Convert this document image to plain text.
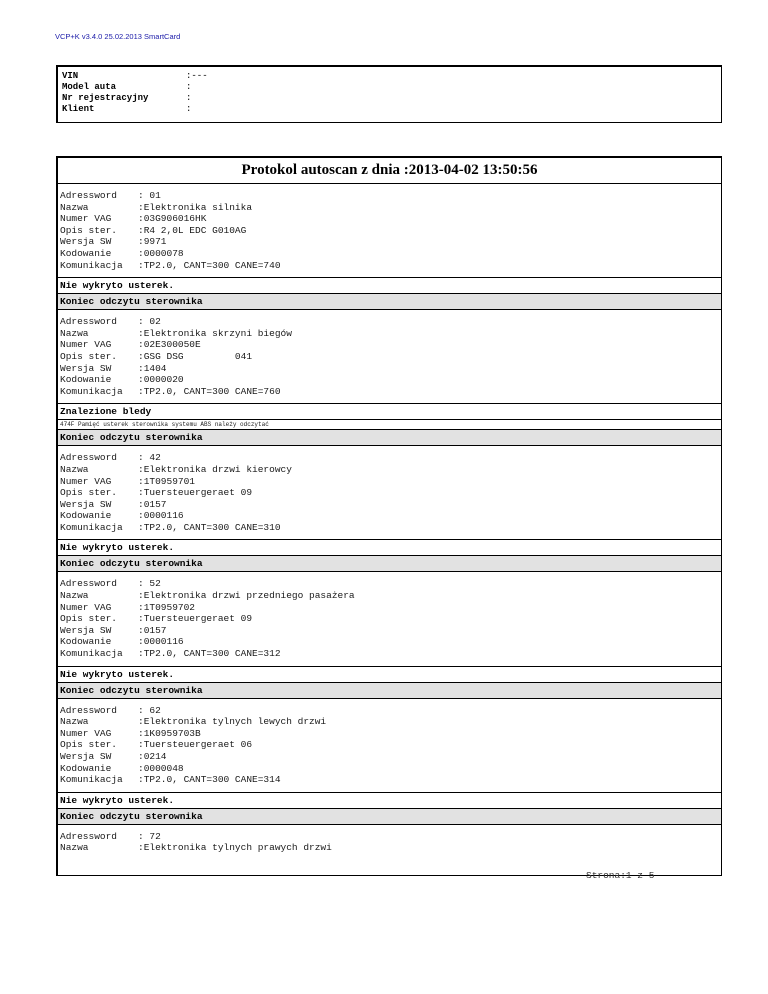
VCP+K v3.4.0 25.02.2013 SmartCard
VIN	:---
Model auta	:
Nr rejestracyjny	:
Klient	:
Protokol autoscan z dnia :2013-04-02 13:50:56
Adressword : 01
Nazwa	:Elektronika silnika
Numer VAG	:03G906016HK
Opis ster. :R4 2,0L EDC G010AG
Wersja SW	:9971
Kodowanie	:0000078
Komunikacja :TP2.0, CANT=300 CANE=740
Nie wykryto usterek.
Koniec odczytu sterownika
Adressword : 02
Nazwa	:Elektronika skrzyni biegów
Numer VAG	:02E300050E
Opis ster. :GSG DSG         041
Wersja SW	:1404
Kodowanie	:0000020
Komunikacja :TP2.0, CANT=300 CANE=760
Znalezione bledy
474F Pamięć usterek sterownika systemu ABS należy odczytać
Koniec odczytu sterownika
Adressword : 42
Nazwa	:Elektronika drzwi kierowcy
Numer VAG	:1T0959701
Opis ster. :Tuersteuergeraet 09
Wersja SW	:0157
Kodowanie	:0000116
Komunikacja :TP2.0, CANT=300 CANE=310
Nie wykryto usterek.
Koniec odczytu sterownika
Adressword : 52
Nazwa	:Elektronika drzwi przedniego pasażera
Numer VAG	:1T0959702
Opis ster. :Tuersteuergeraet 09
Wersja SW	:0157
Kodowanie	:0000116
Komunikacja :TP2.0, CANT=300 CANE=312
Nie wykryto usterek.
Koniec odczytu sterownika
Adressword : 62
Nazwa	:Elektronika tylnych lewych drzwi
Numer VAG	:1K0959703B
Opis ster. :Tuersteuergeraet 06
Wersja SW	:0214
Kodowanie	:0000048
Komunikacja :TP2.0, CANT=300 CANE=314
Nie wykryto usterek.
Koniec odczytu sterownika
Adressword : 72
Nazwa	:Elektronika tylnych prawych drzwi
Strona:1 z 5
